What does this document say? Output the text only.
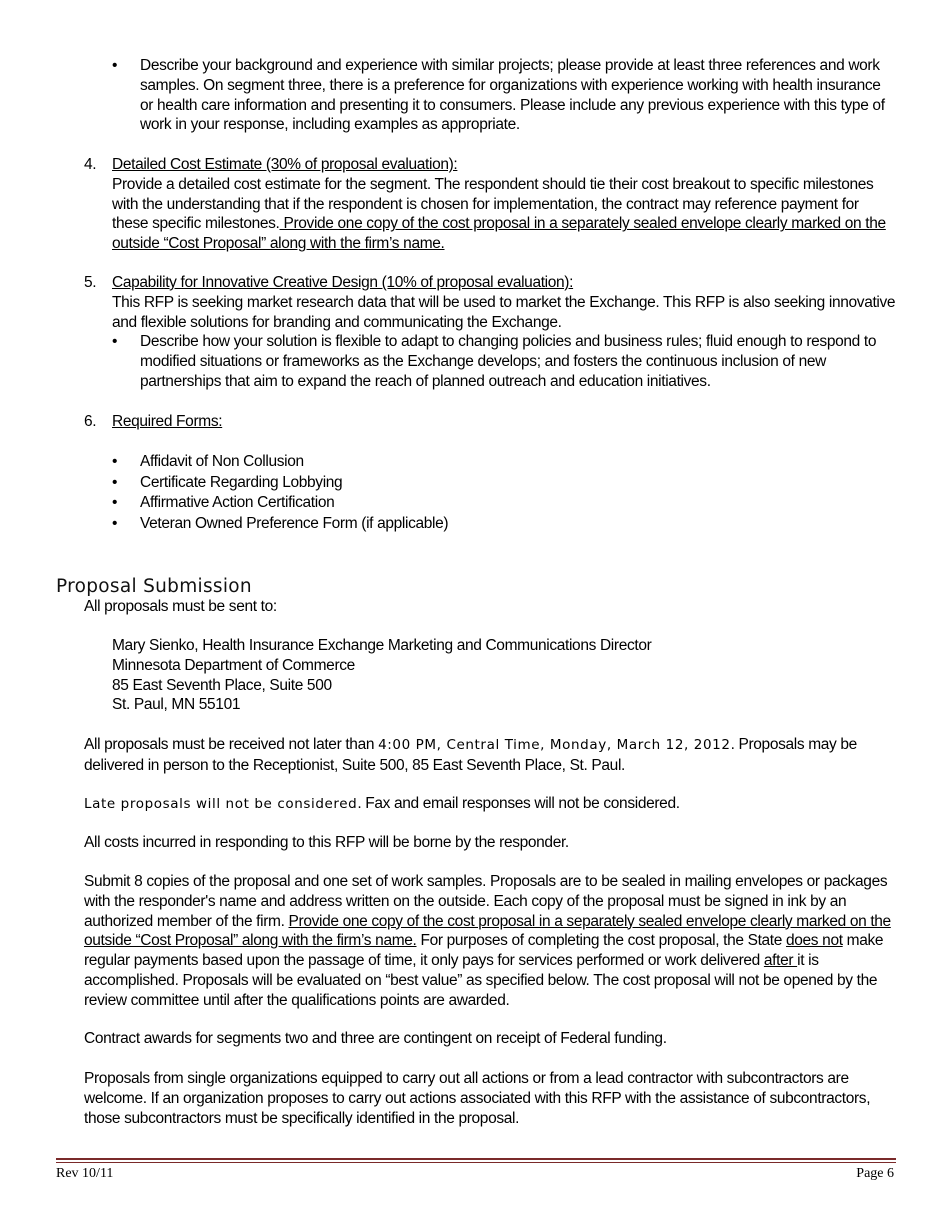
• Describe your background and experience with similar projects; please provide at least three references and work samples. On segment three, there is a preference for organizations with experience working with health insurance or health care information and presenting it to consumers. Please include any previous experience with this type of work in your response, including examples as appropriate.

4. Detailed Cost Estimate (30% of proposal evaluation):

Provide a detailed cost estimate for the segment. The respondent should tie their cost breakout to specific milestones with the understanding that if the respondent is chosen for implementation, the contract may reference payment for these specific milestones. Provide one copy of the cost proposal in a separately sealed envelope clearly marked on the outside “Cost Proposal” along with the firm’s name.

5. Capability for Innovative Creative Design (10% of proposal evaluation):

This RFP is seeking market research data that will be used to market the Exchange. This RFP is also seeking innovative and flexible solutions for branding and communicating the Exchange.

• Describe how your solution is flexible to adapt to changing policies and business rules; fluid enough to respond to modified situations or frameworks as the Exchange develops; and fosters the continuous inclusion of new partnerships that aim to expand the reach of planned outreach and education initiatives.

6. Required Forms:

• Affidavit of Non Collusion

• Certificate Regarding Lobbying

• Affirmative Action Certification

• Veteran Owned Preference Form (if applicable)

Proposal Submission
All proposals must be sent to:

Mary Sienko, Health Insurance Exchange Marketing and Communications Director

Minnesota Department of Commerce

85 East Seventh Place, Suite 500

St. Paul, MN 55101

All proposals must be received not later than 4:00 PM, Central Time, Monday, March 12, 2012. Proposals may be delivered in person to the Receptionist, Suite 500, 85 East Seventh Place, St. Paul.

Late proposals will not be considered. Fax and email responses will not be considered.

All costs incurred in responding to this RFP will be borne by the responder.

Submit 8 copies of the proposal and one set of work samples. Proposals are to be sealed in mailing envelopes or packages with the responder's name and address written on the outside. Each copy of the proposal must be signed in ink by an authorized member of the firm. Provide one copy of the cost proposal in a separately sealed envelope clearly marked on the outside “Cost Proposal” along with the firm’s name. For purposes of completing the cost proposal, the State does not make regular payments based upon the passage of time, it only pays for services performed or work delivered after it is accomplished. Proposals will be evaluated on “best value” as specified below. The cost proposal will not be opened by the review committee until after the qualifications points are awarded.

Contract awards for segments two and three are contingent on receipt of Federal funding.
Proposals from single organizations equipped to carry out all actions or from a lead contractor with subcontractors are welcome. If an organization proposes to carry out actions associated with this RFP with the assistance of subcontractors, those subcontractors must be specifically identified in the proposal.
Rev 10/11	Page 6
